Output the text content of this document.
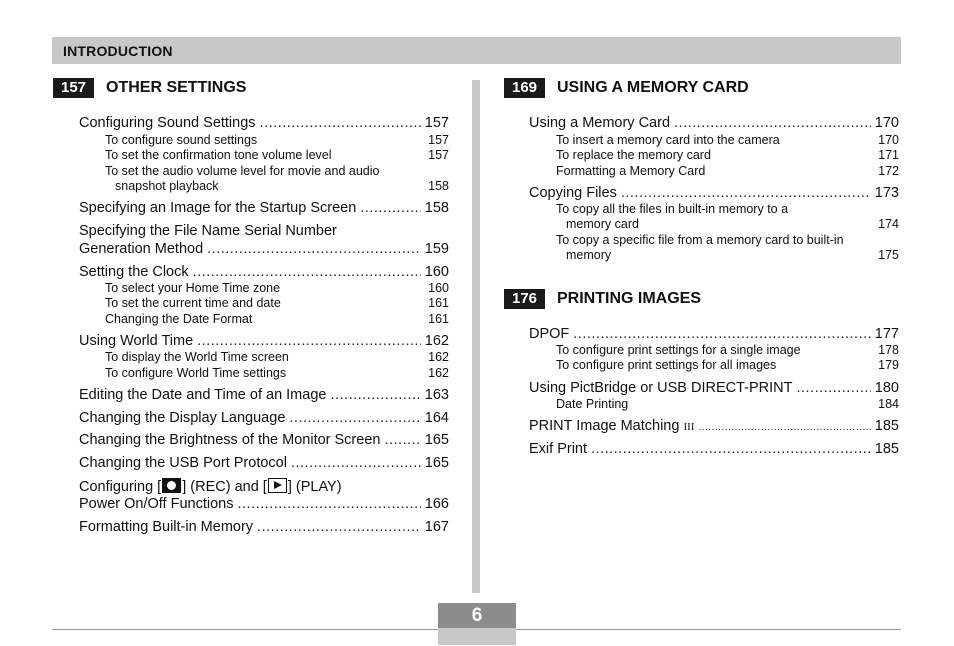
INTRODUCTION
157	OTHER SETTINGS
Configuring Sound Settings .....	157
To configure sound settings	157
To set the confirmation tone volume level	157
To set the audio volume level for movie and audio
snapshot playback	158
Specifying an Image for the Startup Screen .....	158
Specifying the File Name Serial Number
Generation Method .....	159
Setting the Clock .....	160
To select your Home Time zone	160
To set the current time and date	161
Changing the Date Format	161
Using World Time .....	162
To display the World Time screen	162
To configure World Time settings	162
Editing the Date and Time of an Image .....	163
Changing the Display Language .....	164
Changing the Brightness of the Monitor Screen .....	165
Changing the USB Port Protocol .....	165
Configuring [ ] (REC) and [ ] (PLAY)
Power On/Off Functions .....	166
Formatting Built-in Memory .....	167
169	USING A MEMORY CARD
Using a Memory Card .....	170
To insert a memory card into the camera	170
To replace the memory card	171
Formatting a Memory Card	172
Copying Files .....	173
To copy all the files in built-in memory to a
memory card	174
To copy a specific file from a memory card to built-in
memory	175
176	PRINTING IMAGES
DPOF .....	177
To configure print settings for a single image	178
To configure print settings for all images	179
Using PictBridge or USB DIRECT-PRINT .....	180
Date Printing	184
PRINT Image Matching III .....	185
Exif Print .....	185
6
